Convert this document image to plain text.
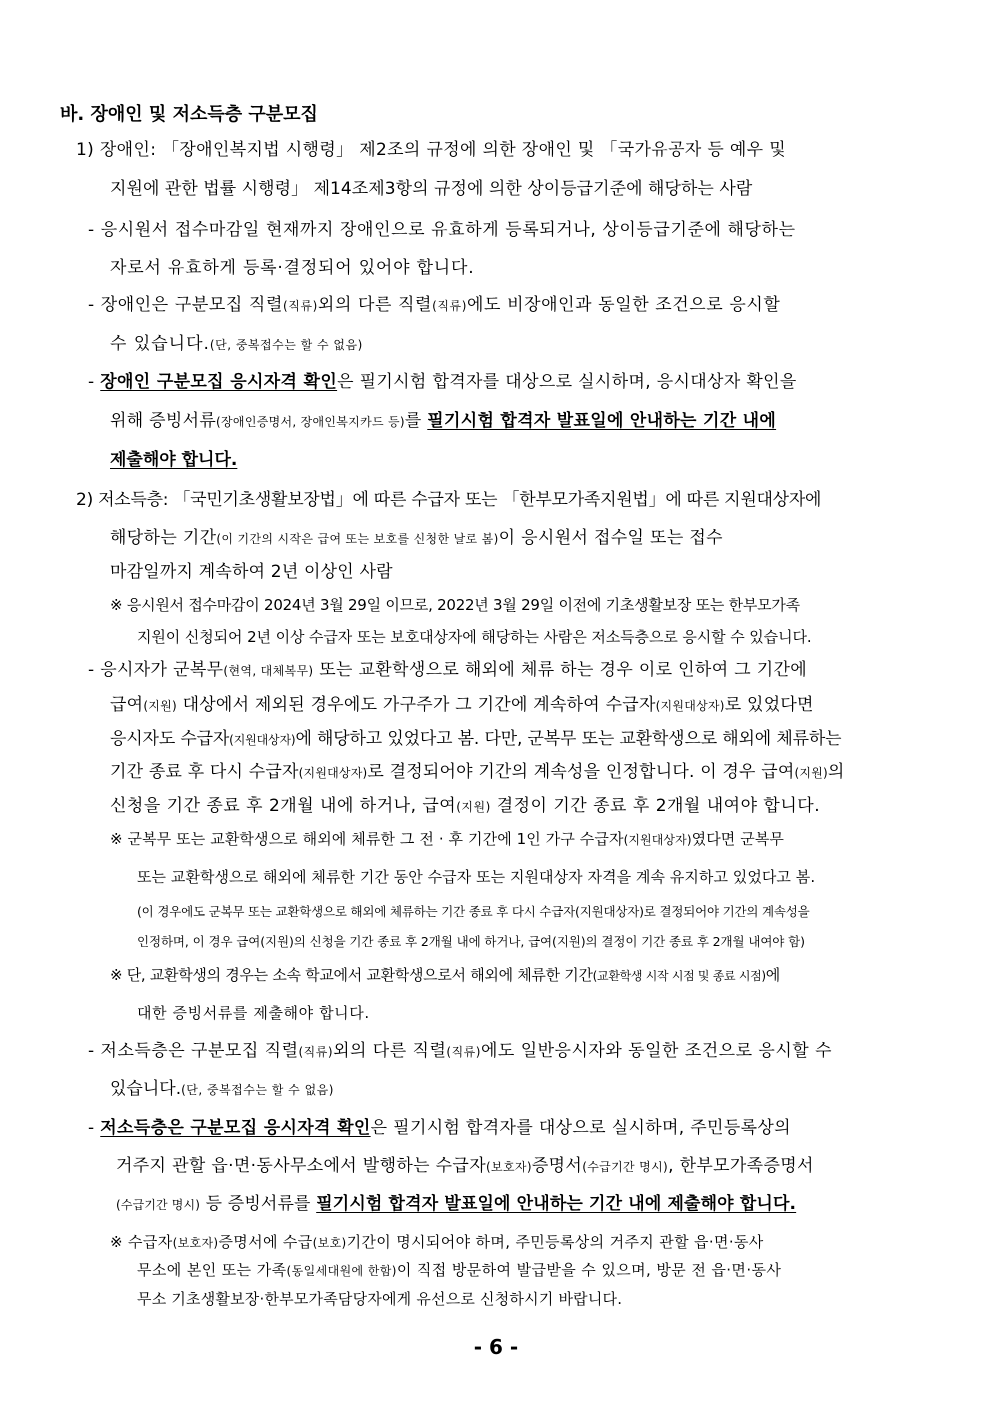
바. 장애인 및 저소득층 구분모집
1) 장애인: 「장애인복지법 시행령」 제2조의 규정에 의한 장애인 및 「국가유공자 등 예우 및
지원에 관한 법률 시행령」 제14조제3항의 규정에 의한 상이등급기준에 해당하는 사람
- 응시원서 접수마감일 현재까지 장애인으로 유효하게 등록되거나, 상이등급기준에 해당하는
자로서 유효하게 등록·결정되어 있어야 합니다.
- 장애인은 구분모집 직렬(직류)외의 다른 직렬(직류)에도 비장애인과 동일한 조건으로 응시할
수 있습니다.(단, 중복접수는 할 수 없음)
- 장애인 구분모집 응시자격 확인은 필기시험 합격자를 대상으로 실시하며, 응시대상자 확인을
위해 증빙서류(장애인증명서, 장애인복지카드 등)를 필기시험 합격자 발표일에 안내하는 기간 내에
제출해야 합니다.
2) 저소득층: 「국민기초생활보장법」에 따른 수급자 또는 「한부모가족지원법」에 따른 지원대상자에
해당하는 기간(이 기간의 시작은 급여 또는 보호를 신청한 날로 봄)이 응시원서 접수일 또는 접수
마감일까지 계속하여 2년 이상인 사람
※ 응시원서 접수마감이 2024년 3월 29일 이므로, 2022년 3월 29일 이전에 기초생활보장 또는 한부모가족
지원이 신청되어 2년 이상 수급자 또는 보호대상자에 해당하는 사람은 저소득층으로 응시할 수 있습니다.
- 응시자가 군복무(현역, 대체복무) 또는 교환학생으로 해외에 체류 하는 경우 이로 인하여 그 기간에
급여(지원) 대상에서 제외된 경우에도 가구주가 그 기간에 계속하여 수급자(지원대상자)로 있었다면
응시자도 수급자(지원대상자)에 해당하고 있었다고 봄. 다만, 군복무 또는 교환학생으로 해외에 체류하는
기간 종료 후 다시 수급자(지원대상자)로 결정되어야 기간의 계속성을 인정합니다. 이 경우 급여(지원)의
신청을 기간 종료 후 2개월 내에 하거나, 급여(지원) 결정이 기간 종료 후 2개월 내여야 합니다.
※ 군복무 또는 교환학생으로 해외에 체류한 그 전 · 후 기간에 1인 가구 수급자(지원대상자)였다면 군복무
또는 교환학생으로 해외에 체류한 기간 동안 수급자 또는 지원대상자 자격을 계속 유지하고 있었다고 봄.
(이 경우에도 군복무 또는 교환학생으로 해외에 체류하는 기간 종료 후 다시 수급자(지원대상자)로 결정되어야 기간의 계속성을
인정하며, 이 경우 급여(지원)의 신청을 기간 종료 후 2개월 내에 하거나, 급여(지원)의 결정이 기간 종료 후 2개월 내여야 함)
※ 단, 교환학생의 경우는 소속 학교에서 교환학생으로서 해외에 체류한 기간(교환학생 시작 시점 및 종료 시점)에
대한 증빙서류를 제출해야 합니다.
- 저소득층은 구분모집 직렬(직류)외의 다른 직렬(직류)에도 일반응시자와 동일한 조건으로 응시할 수
있습니다.(단, 중복접수는 할 수 없음)
- 저소득층은 구분모집 응시자격 확인은 필기시험 합격자를 대상으로 실시하며, 주민등록상의
거주지 관할 읍·면·동사무소에서 발행하는 수급자(보호자)증명서(수급기간 명시), 한부모가족증명서
(수급기간 명시) 등 증빙서류를 필기시험 합격자 발표일에 안내하는 기간 내에 제출해야 합니다.
※ 수급자(보호자)증명서에 수급(보호)기간이 명시되어야 하며, 주민등록상의 거주지 관할 읍·면·동사
무소에 본인 또는 가족(동일세대원에 한함)이 직접 방문하여 발급받을 수 있으며, 방문 전 읍·면·동사
무소 기초생활보장·한부모가족담당자에게 유선으로 신청하시기 바랍니다.
- 6 -
